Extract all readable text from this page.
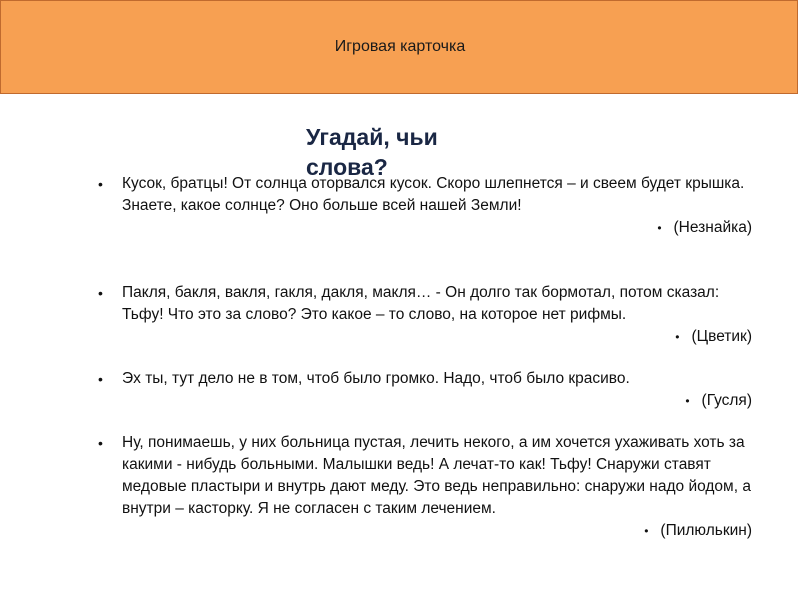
Игровая карточка
Угадай, чьи слова?
• Кусок, братцы! От солнца оторвался кусок. Скоро шлепнется – и свеем будет крышка. Знаете, какое солнце? Оно больше всей нашей Земли!
• (Незнайка)
• Пакля, бакля, вакля, гакля, дакля, макля… - Он долго так бормотал, потом сказал: Тьфу! Что это за слово? Это какое – то слово, на которое нет рифмы.
• (Цветик)
• Эх ты, тут дело не в том, чтоб было громко. Надо, чтоб было красиво.
• (Гусля)
• Ну, понимаешь, у них больница пустая, лечить некого, а им хочется ухаживать хоть за какими - нибудь больными. Малышки ведь! А лечат-то как! Тьфу! Снаружи ставят медовые пластыри и внутрь дают меду. Это ведь неправильно: снаружи надо йодом, а внутри – касторку. Я не согласен с таким лечением.
• (Пилюлькин)
